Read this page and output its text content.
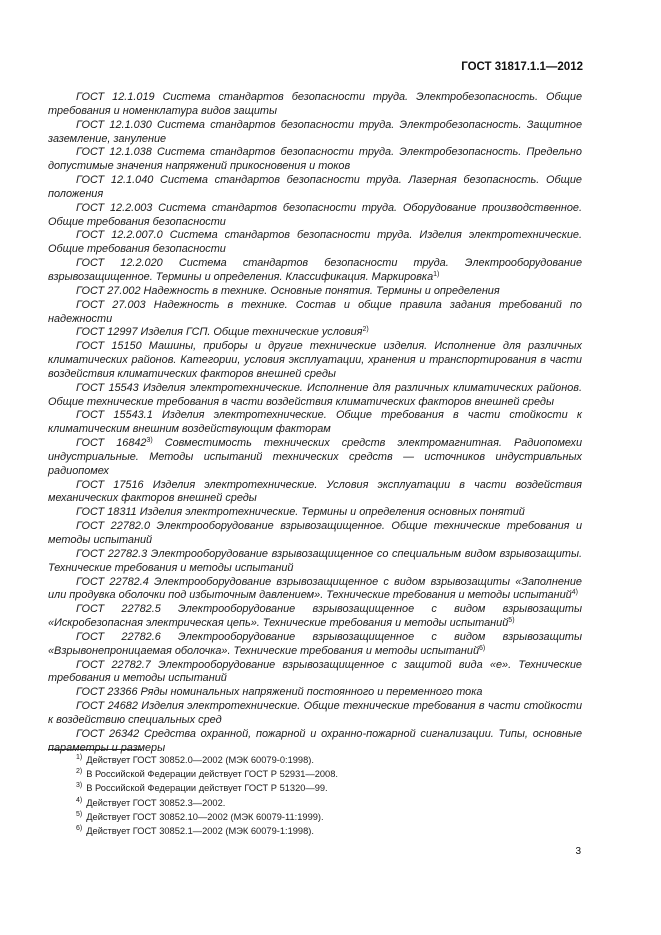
ГОСТ 31817.1.1—2012

ГОСТ 12.1.019 Система стандартов безопасности труда. Электробезопасность. Общие требования и номенклатура видов защиты

ГОСТ 12.1.030 Система стандартов безопасности труда. Электробезопасность. Защитное заземление, зануление

ГОСТ 12.1.038 Система стандартов безопасности труда. Электробезопасность. Предельно допустимые значения напряжений прикосновения и токов

ГОСТ 12.1.040 Система стандартов безопасности труда. Лазерная безопасность. Общие положения

ГОСТ 12.2.003 Система стандартов безопасности труда. Оборудование производственное. Общие требования безопасности

ГОСТ 12.2.007.0 Система стандартов безопасности труда. Изделия электротехнические. Общие требования безопасности

ГОСТ 12.2.020 Система стандартов безопасности труда. Электрооборудование взрывозащищенное. Термины и определения. Классификация. Маркировка$^{1)}$

ГОСТ 27.002 Надежность в технике. Основные понятия. Термины и определения

ГОСТ 27.003 Надежность в технике. Состав и общие правила задания требований по надежности

ГОСТ 12997 Изделия ГСП. Общие технические условия$^{2)}$

ГОСТ 15150 Машины, приборы и другие технические изделия. Исполнение для различных климатических районов. Категории, условия эксплуатации, хранения и транспортирования в части воздействия климатических факторов внешней среды

ГОСТ 15543 Изделия электротехнические. Исполнение для различных климатических районов. Общие технические требования в части воздействия климатических факторов внешней среды

ГОСТ 15543.1 Изделия электротехнические. Общие требования в части стойкости к климатическим внешним воздействующим факторам

ГОСТ 16842$^{3)}$ Совместимость технических средств электромагнитная. Радиопомехи индустриальные. Методы испытаний технических средств — источников индустривльных радиопомех

ГОСТ 17516 Изделия электротехнические. Условия эксплуатации в части воздействия механических факторов внешней среды

ГОСТ 18311 Изделия электротехнические. Термины и определения основных понятий

ГОСТ 22782.0 Электрооборудование взрывозащищенное. Общие технические требования и методы испытаний

ГОСТ 22782.3 Электрооборудование взрывозащищенное со специальным видом взрывозащиты. Технические требования и методы испытаний

ГОСТ 22782.4 Электрооборудование взрывозащищенное с видом взрывозащиты «Заполнение или продувка оболочки под избыточным давлением». Технические требования и методы испытаний$^{4)}$

ГОСТ 22782.5 Электрооборудование взрывозащищенное с видом взрывозащиты «Искробезопасная электрическая цепь». Технические требования и методы испытаний$^{5)}$

ГОСТ 22782.6 Электрооборудование взрывозащищенное с видом взрывозащиты «Взрывонепроницаемая оболочка». Технические требования и методы испытаний$^{6)}$

ГОСТ 22782.7 Электрооборудование взрывозащищенное с защитой вида «е». Технические требования и методы испытаний

ГОСТ 23366 Ряды номинальных напряжений постоянного и переменного тока

ГОСТ 24682 Изделия электротехнические. Общие технические требования в части стойкости к воздействию специальных сред

ГОСТ 26342 Средства охранной, пожарной и охранно-пожарной сигнализации. Типы, основные параметры и размеры

$^{1)}$ Действует ГОСТ 30852.0—2002 (МЭК 60079-0:1998).
$^{2)}$ В Российской Федерации действует ГОСТ Р 52931—2008.
$^{3)}$ В Российской Федерации действует ГОСТ Р 51320—99.
$^{4)}$ Действует ГОСТ 30852.3—2002.
$^{5)}$ Действует ГОСТ 30852.10—2002 (МЭК 60079-11:1999).
$^{6)}$ Действует ГОСТ 30852.1—2002 (МЭК 60079-1:1998).
3
